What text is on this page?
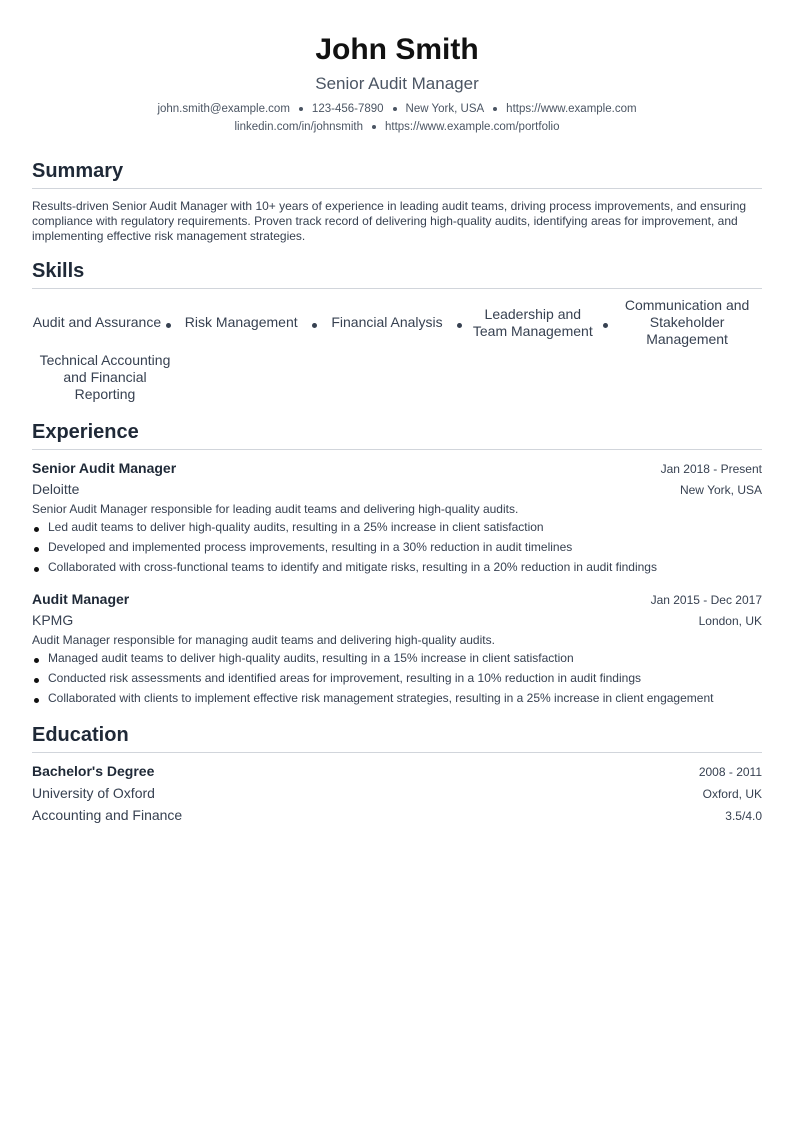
John Smith
Senior Audit Manager
john.smith@example.com 123-456-7890 New York, USA https://www.example.com
linkedin.com/in/johnsmith https://www.example.com/portfolio
Summary
Results-driven Senior Audit Manager with 10+ years of experience in leading audit teams, driving process improvements, and ensuring compliance with regulatory requirements. Proven track record of delivering high-quality audits, identifying areas for improvement, and implementing effective risk management strategies.
Skills
Audit and Assurance	Risk Management	Financial Analysis
Leadership and Team Management
Communication and Stakeholder Management
Technical Accounting and Financial Reporting
Experience
Senior Audit Manager	Jan 2018 - Present
Deloitte	New York, USA
Senior Audit Manager responsible for leading audit teams and delivering high-quality audits.
Led audit teams to deliver high-quality audits, resulting in a 25% increase in client satisfaction
Developed and implemented process improvements, resulting in a 30% reduction in audit timelines
Collaborated with cross-functional teams to identify and mitigate risks, resulting in a 20% reduction in audit findings
Audit Manager	Jan 2015 - Dec 2017
KPMG	London, UK
Audit Manager responsible for managing audit teams and delivering high-quality audits.
Managed audit teams to deliver high-quality audits, resulting in a 15% increase in client satisfaction
Conducted risk assessments and identified areas for improvement, resulting in a 10% reduction in audit findings
Collaborated with clients to implement effective risk management strategies, resulting in a 25% increase in client engagement
Education
Bachelor's Degree	2008 - 2011
University of Oxford	Oxford, UK
Accounting and Finance	3.5/4.0
